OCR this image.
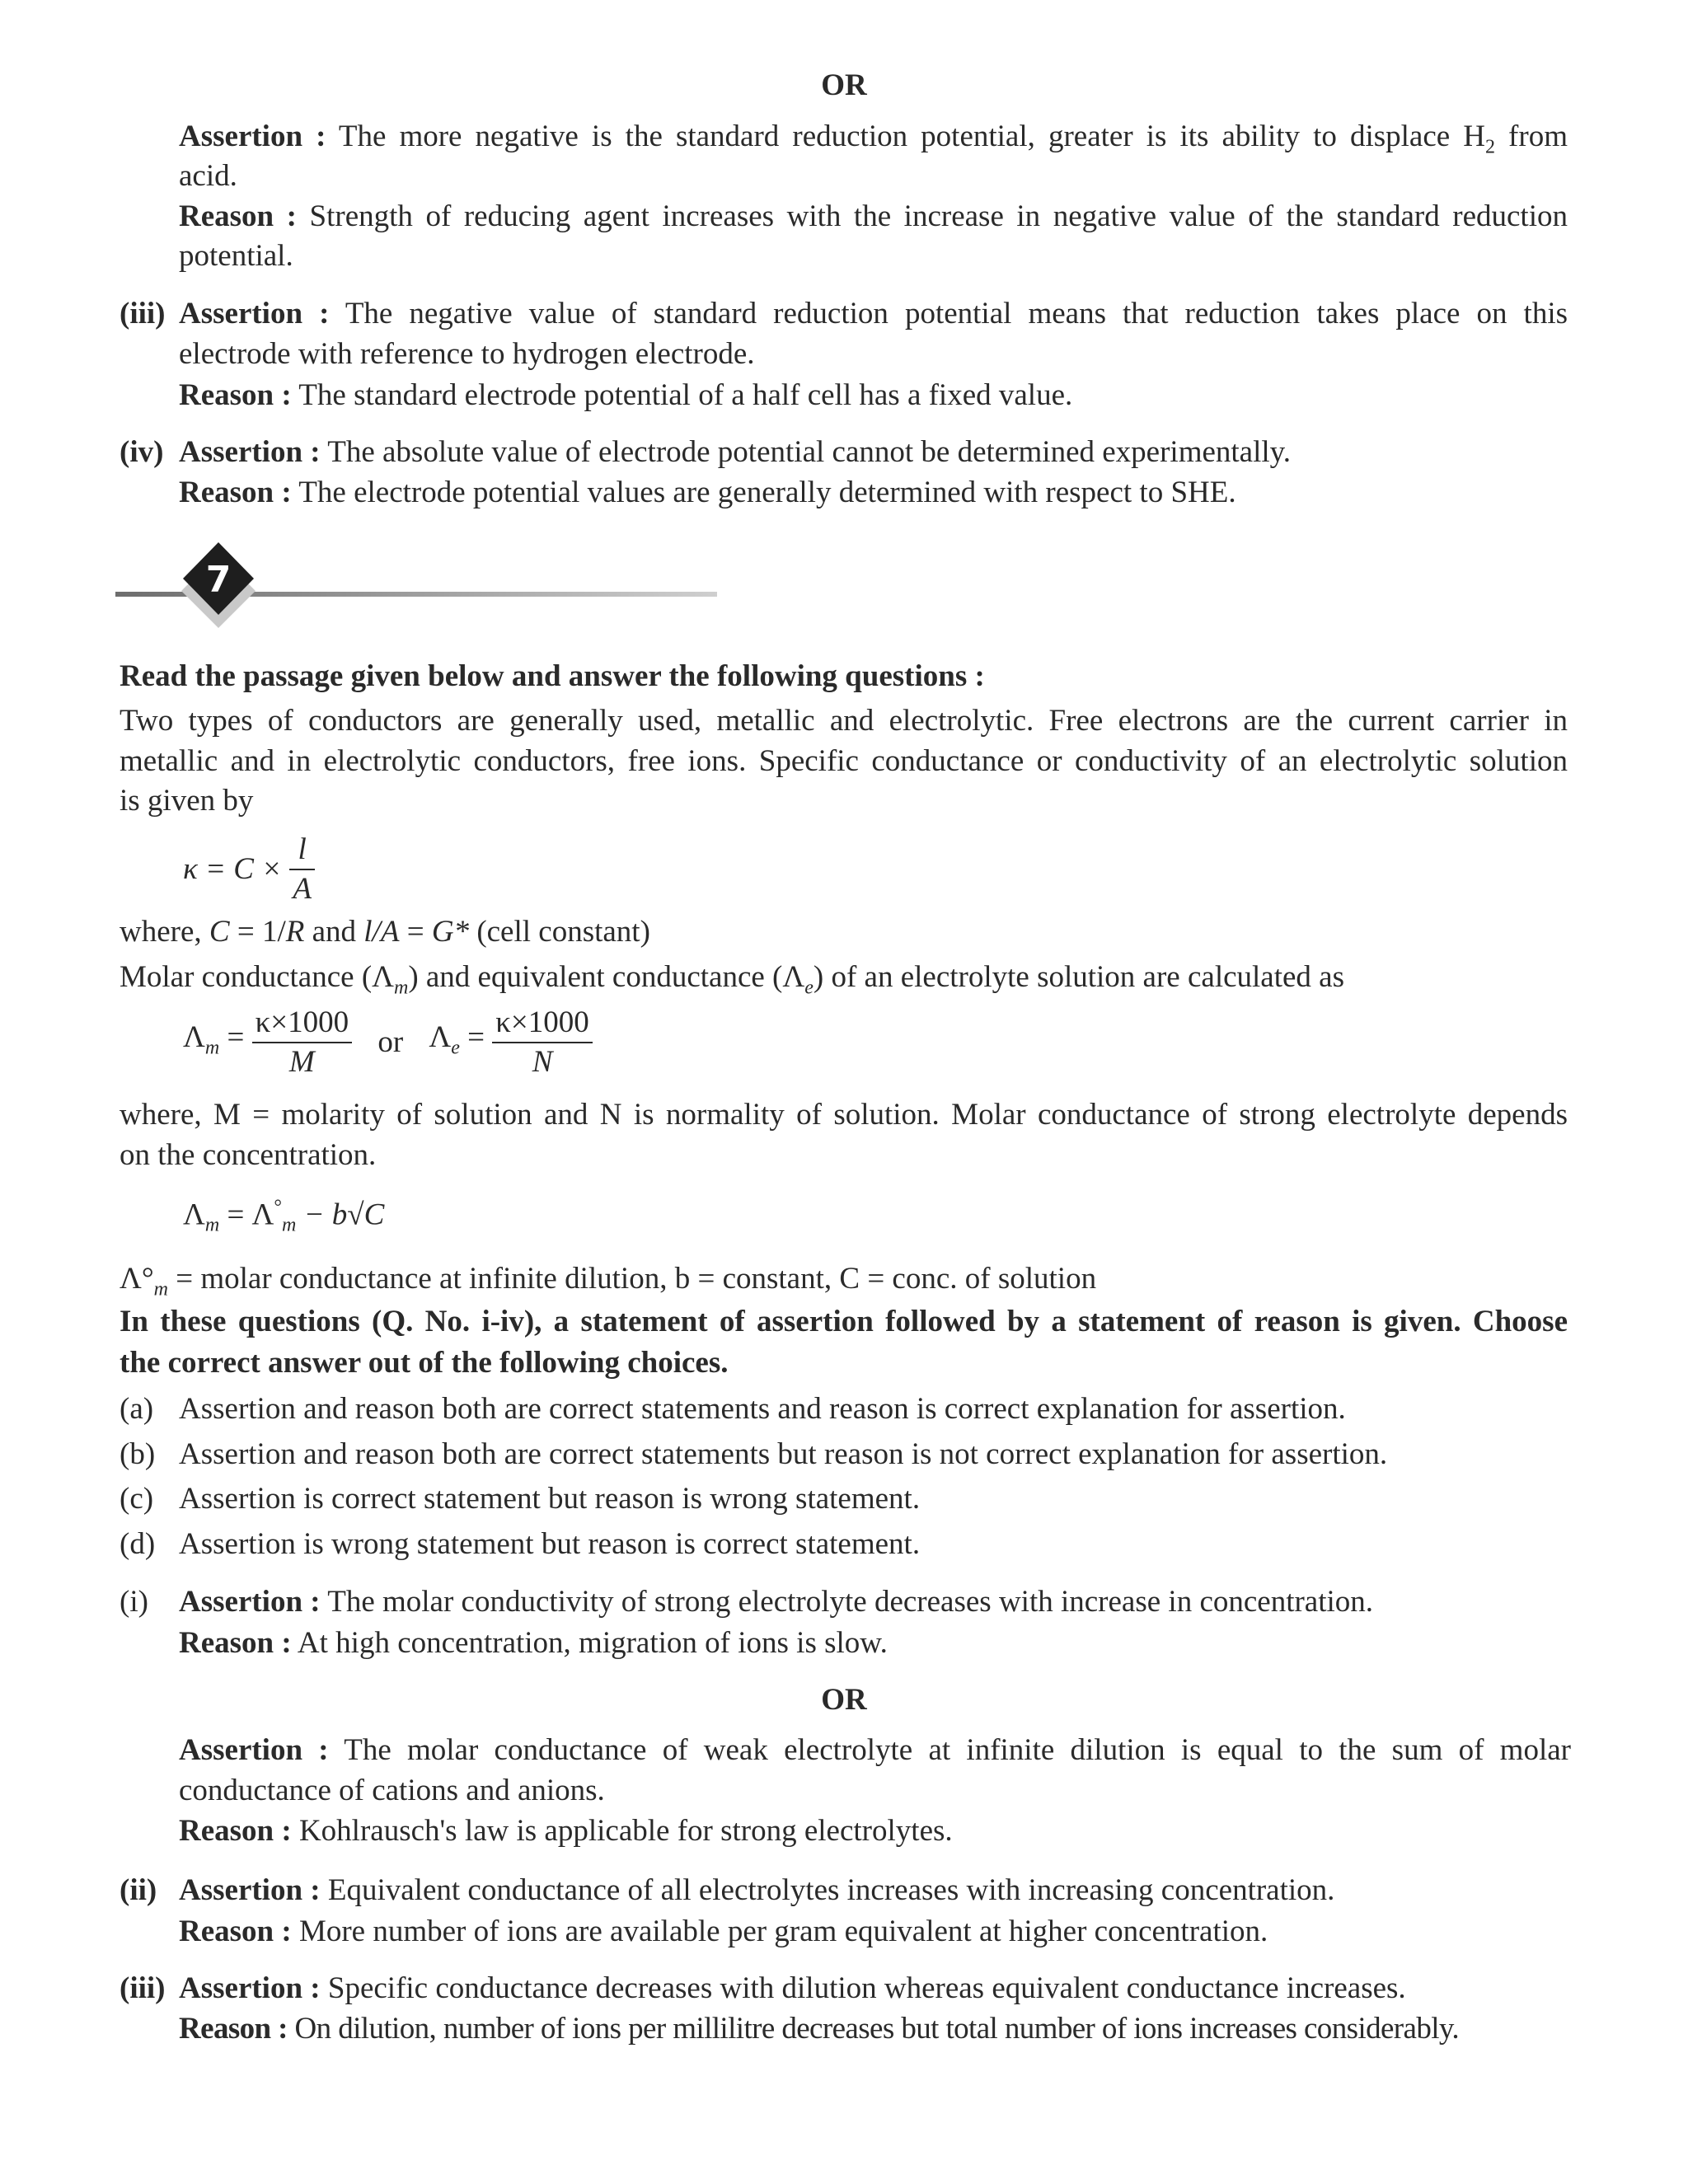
OR
Assertion : The more negative is the standard reduction potential, greater is its ability to displace $H_2$ from
acid.
Reason : Strength of reducing agent increases with the increase in negative value of the standard reduction
potential.
(iii) Assertion : The negative value of standard reduction potential means that reduction takes place on this
electrode with reference to hydrogen electrode.
Reason : The standard electrode potential of a half cell has a fixed value.
(iv) Assertion : The absolute value of electrode potential cannot be determined experimentally.
Reason : The electrode potential values are generally determined with respect to SHE.
7
Read the passage given below and answer the following questions :
Two types of conductors are generally used, metallic and electrolytic. Free electrons are the current carrier in
metallic and in electrolytic conductors, free ions. Specific conductance or conductivity of an electrolytic solution
is given by
$\kappa = C \times \frac{l}{A}$
where, C = 1/R and l/A = G* (cell constant)
Molar conductance $(\Lambda_m)$ and equivalent conductance $(\Lambda_e)$ of an electrolyte solution are calculated as
$\Lambda_m = \frac{\kappa\times 1000}{M}$ or $\Lambda_e = \frac{\kappa\times 1000}{N}$
where, M = molarity of solution and N is normality of solution. Molar conductance of strong electrolyte depends
on the concentration.
$\Lambda_m = \Lambda^\circ_m - b√C$
$\Lambda^\circ_m$ = molar conductance at infinite dilution, b = constant, C = conc. of solution
In these questions (Q. No. i-iv), a statement of assertion followed by a statement of reason is given. Choose
the correct answer out of the following choices.
(a) Assertion and reason both are correct statements and reason is correct explanation for assertion.
(b) Assertion and reason both are correct statements but reason is not correct explanation for assertion.
(c) Assertion is correct statement but reason is wrong statement.
(d) Assertion is wrong statement but reason is correct statement.
(i) Assertion : The molar conductivity of strong electrolyte decreases with increase in concentration.
Reason : At high concentration, migration of ions is slow.
OR
Assertion : The molar conductance of weak electrolyte at infinite dilution is equal to the sum of molar
conductance of cations and anions.
Reason : Kohlrausch's law is applicable for strong electrolytes.
(ii) Assertion : Equivalent conductance of all electrolytes increases with increasing concentration.
Reason : More number of ions are available per gram equivalent at higher concentration.
(iii) Assertion : Specific conductance decreases with dilution whereas equivalent conductance increases.
Reason : On dilution, number of ions per millilitre decreases but total number of ions increases considerably.
